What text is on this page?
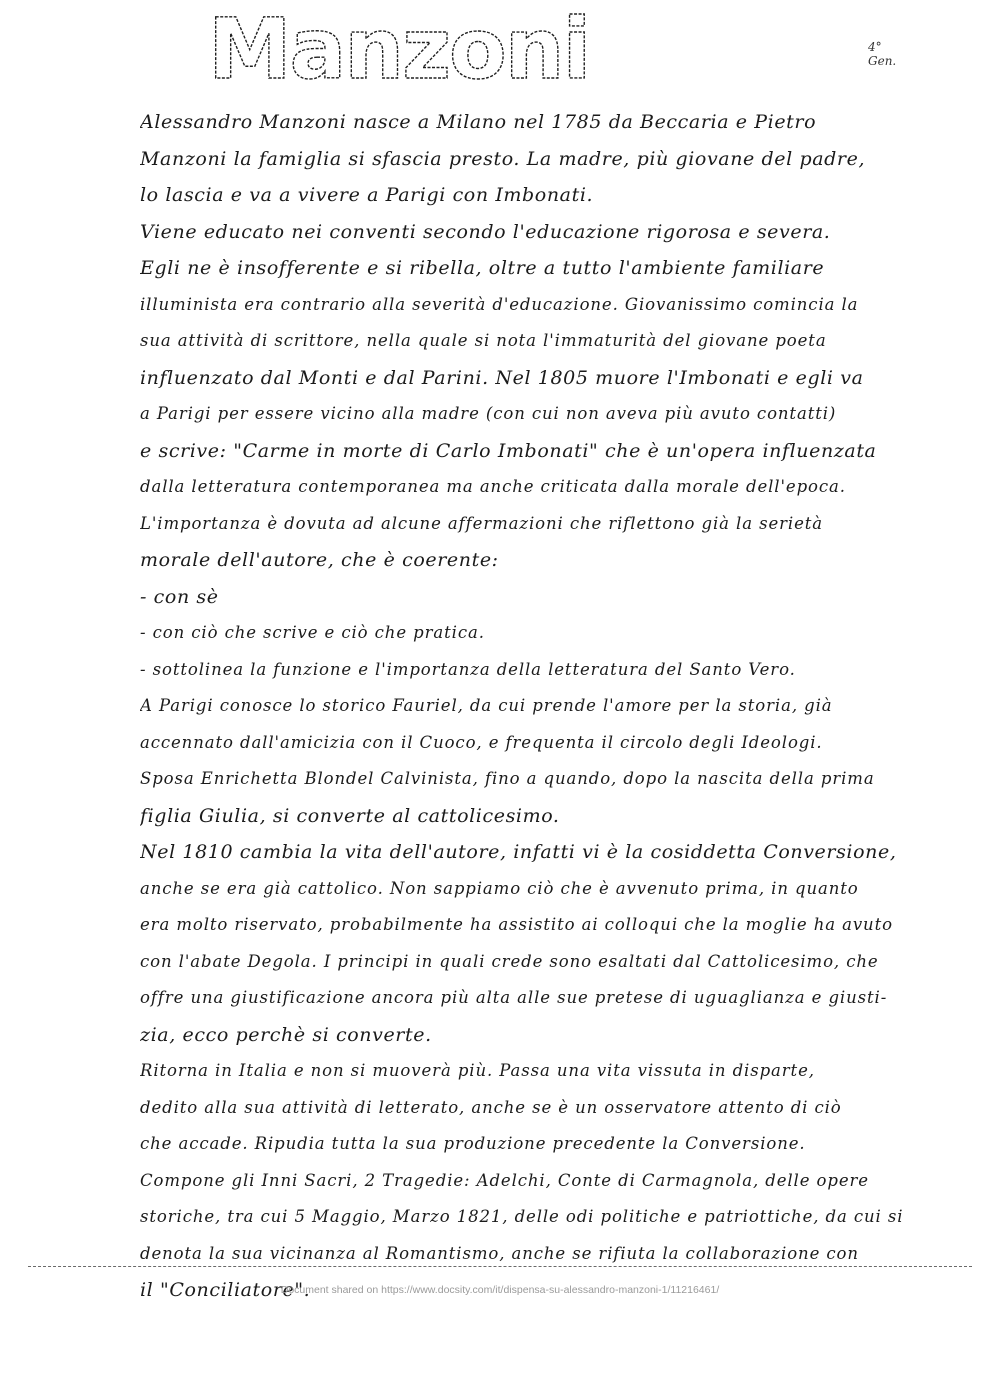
Manzoni	4° Gen.
Alessandro Manzoni nasce a Milano nel 1785 da Beccaria e Pietro
Manzoni la famiglia si sfascia presto. La madre, più giovane del padre,
lo lascia e va a vivere a Parigi con Imbonati.
Viene educato nei conventi secondo l'educazione rigorosa e severa.
Egli ne è insofferente e si ribella, oltre a tutto l'ambiente familiare
illuminista era contrario alla severità d'educazione. Giovanissimo comincia la
sua attività di scrittore, nella quale si nota l'immaturità del giovane poeta
influenzato dal Monti e dal Parini. Nel 1805 muore l'Imbonati e egli va
a Parigi per essere vicino alla madre (con cui non aveva più avuto contatti)
e scrive: "Carme in morte di Carlo Imbonati" che è un'opera influenzata
dalla letteratura contemporanea ma anche criticata dalla morale dell'epoca.
L'importanza è dovuta ad alcune affermazioni che riflettono già la serietà
morale dell'autore, che è coerente:
- con sè
- con ciò che scrive e ciò che pratica.
- sottolinea la funzione e l'importanza della letteratura del Santo Vero.
A Parigi conosce lo storico Fauriel, da cui prende l'amore per la storia, già
accennato dall'amicizia con il Cuoco, e frequenta il circolo degli Ideologi.
Sposa Enrichetta Blondel Calvinista, fino a quando, dopo la nascita della prima
figlia Giulia, si converte al cattolicesimo.
Nel 1810 cambia la vita dell'autore, infatti vi è la cosiddetta Conversione,
anche se era già cattolico. Non sappiamo ciò che è avvenuto prima, in quanto
era molto riservato, probabilmente ha assistito ai colloqui che la moglie ha avuto
con l'abate Degola. I principi in quali crede sono esaltati dal Cattolicesimo, che
offre una giustificazione ancora più alta alle sue pretese di uguaglianza e giusti-
zia, ecco perchè si converte.
Ritorna in Italia e non si muoverà più. Passa una vita vissuta in disparte,
dedito alla sua attività di letterato, anche se è un osservatore attento di ciò
che accade. Ripudia tutta la sua produzione precedente la Conversione.
Compone gli Inni Sacri, 2 Tragedie: Adelchi, Conte di Carmagnola, delle opere
storiche, tra cui 5 Maggio, Marzo 1821, delle odi politiche e patriottiche, da cui si
denota la sua vicinanza al Romantismo, anche se rifiuta la collaborazione con
il "Conciliatore".
Document shared on https://www.docsity.com/it/dispensa-su-alessandro-manzoni-1/11216461/
